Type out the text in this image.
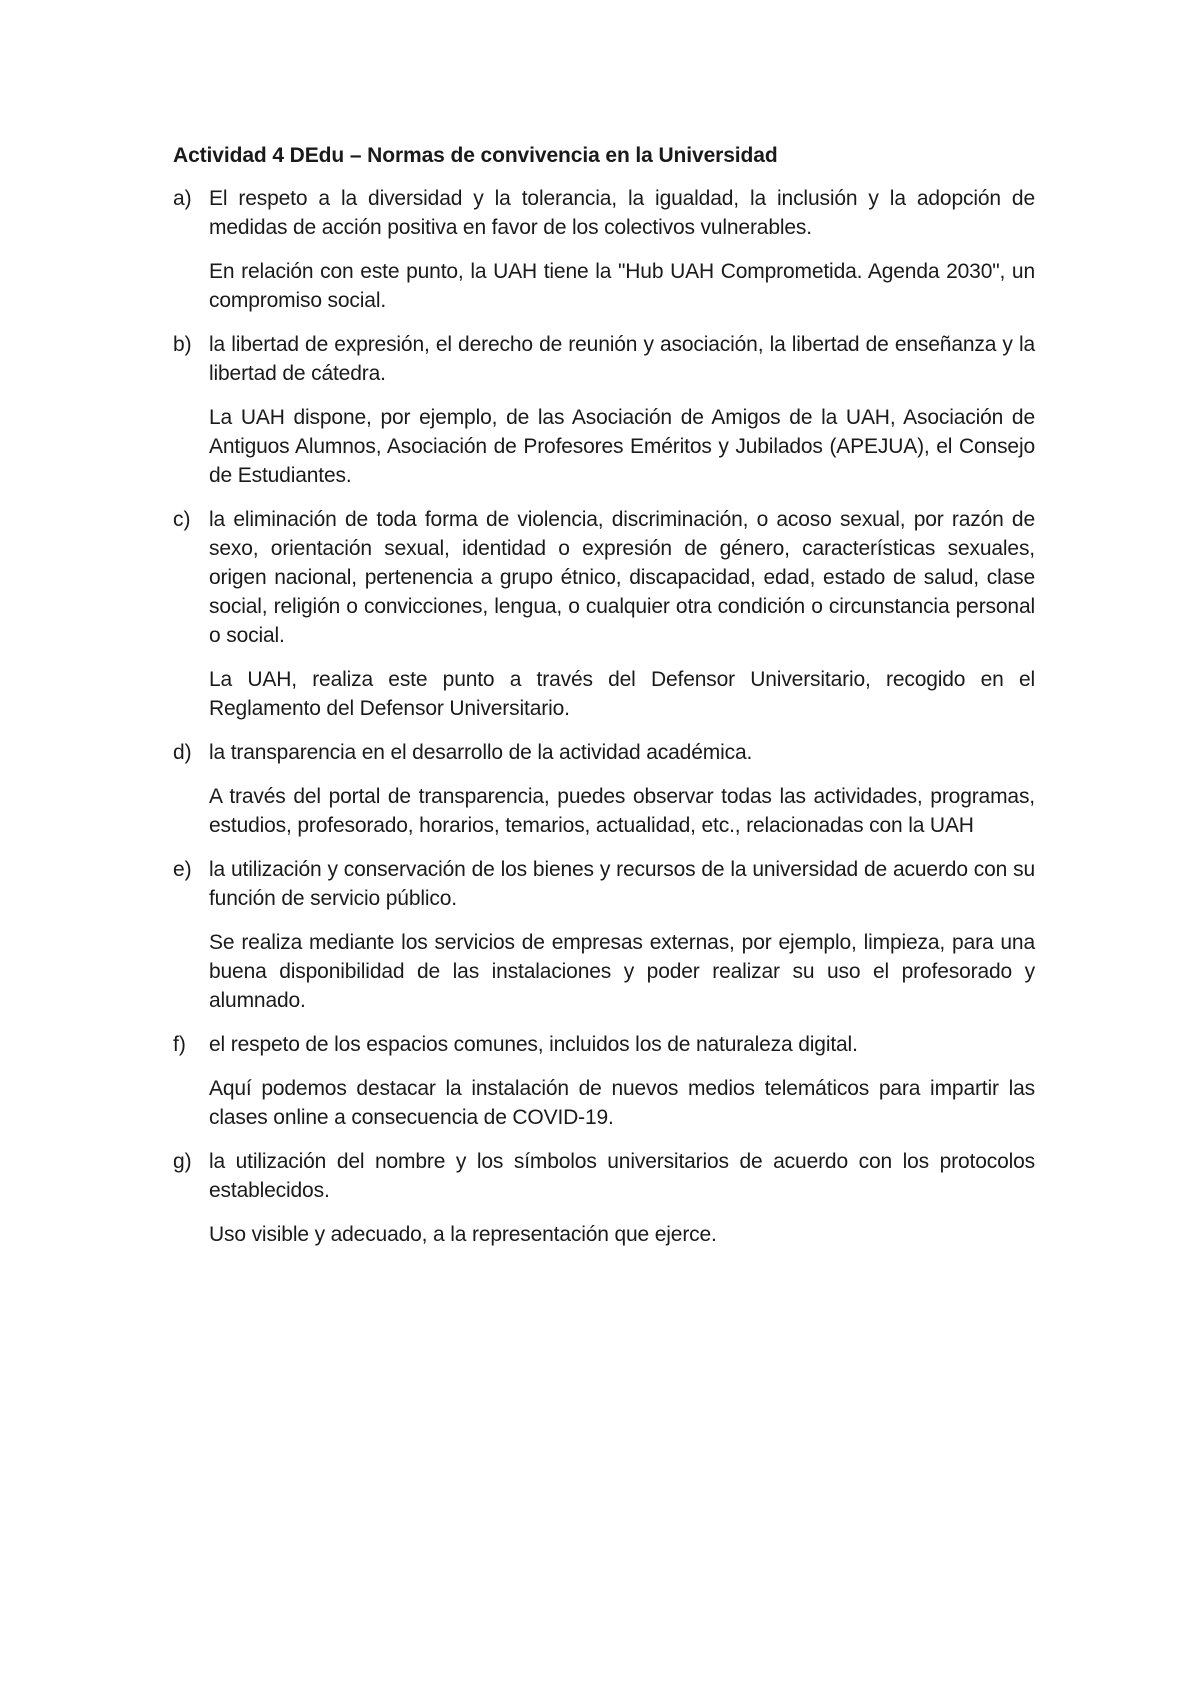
Actividad 4 DEdu – Normas de convivencia en la Universidad

a) El respeto a la diversidad y la tolerancia, la igualdad, la inclusión y la adopción de medidas de acción positiva en favor de los colectivos vulnerables.

En relación con este punto, la UAH tiene la "Hub UAH Comprometida. Agenda 2030", un compromiso social.

b) la libertad de expresión, el derecho de reunión y asociación, la libertad de enseñanza y la libertad de cátedra.

La UAH dispone, por ejemplo, de las Asociación de Amigos de la UAH, Asociación de Antiguos Alumnos, Asociación de Profesores Eméritos y Jubilados (APEJUA), el Consejo de Estudiantes.

c) la eliminación de toda forma de violencia, discriminación, o acoso sexual, por razón de sexo, orientación sexual, identidad o expresión de género, características sexuales, origen nacional, pertenencia a grupo étnico, discapacidad, edad, estado de salud, clase social, religión o convicciones, lengua, o cualquier otra condición o circunstancia personal o social.

La UAH, realiza este punto a través del Defensor Universitario, recogido en el Reglamento del Defensor Universitario.

d) la transparencia en el desarrollo de la actividad académica.

A través del portal de transparencia, puedes observar todas las actividades, programas, estudios, profesorado, horarios, temarios, actualidad, etc., relacionadas con la UAH

e) la utilización y conservación de los bienes y recursos de la universidad de acuerdo con su función de servicio público.

Se realiza mediante los servicios de empresas externas, por ejemplo, limpieza, para una buena disponibilidad de las instalaciones y poder realizar su uso el profesorado y alumnado.

f) el respeto de los espacios comunes, incluidos los de naturaleza digital.

Aquí podemos destacar la instalación de nuevos medios telemáticos para impartir las clases online a consecuencia de COVID-19.

g) la utilización del nombre y los símbolos universitarios de acuerdo con los protocolos establecidos.

Uso visible y adecuado, a la representación que ejerce.
